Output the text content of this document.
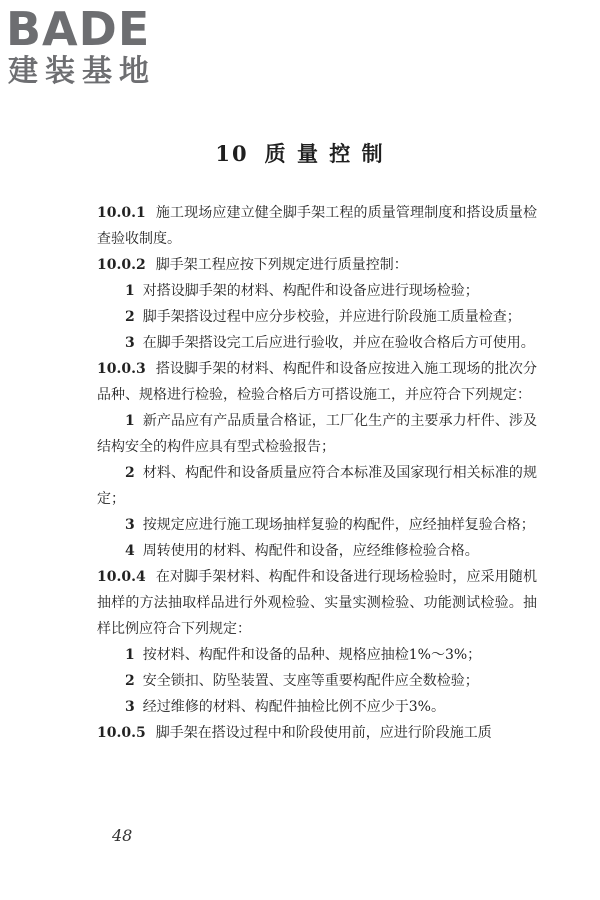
BADE
建装基地
10 质 量 控 制

10.0.1 施工现场应建立健全脚手架工程的质量管理制度和搭设质量检查验收制度。

10.0.2 脚手架工程应按下列规定进行质量控制：

1 对搭设脚手架的材料、构配件和设备应进行现场检验；

2 脚手架搭设过程中应分步校验，并应进行阶段施工质量检查；

3 在脚手架搭设完工后应进行验收，并应在验收合格后方可使用。

10.0.3 搭设脚手架的材料、构配件和设备应按进入施工现场的批次分品种、规格进行检验，检验合格后方可搭设施工，并应符合下列规定：

1 新产品应有产品质量合格证，工厂化生产的主要承力杆件、涉及结构安全的构件应具有型式检验报告；

2 材料、构配件和设备质量应符合本标准及国家现行相关标准的规定；

3 按规定应进行施工现场抽样复验的构配件，应经抽样复验合格；

4 周转使用的材料、构配件和设备，应经维修检验合格。

10.0.4 在对脚手架材料、构配件和设备进行现场检验时，应采用随机抽样的方法抽取样品进行外观检验、实量实测检验、功能测试检验。抽样比例应符合下列规定：

1 按材料、构配件和设备的品种、规格应抽检1%～3%；

2 安全锁扣、防坠装置、支座等重要构配件应全数检验；

3 经过维修的材料、构配件抽检比例不应少于3%。

10.0.5 脚手架在搭设过程中和阶段使用前，应进行阶段施工质

48
